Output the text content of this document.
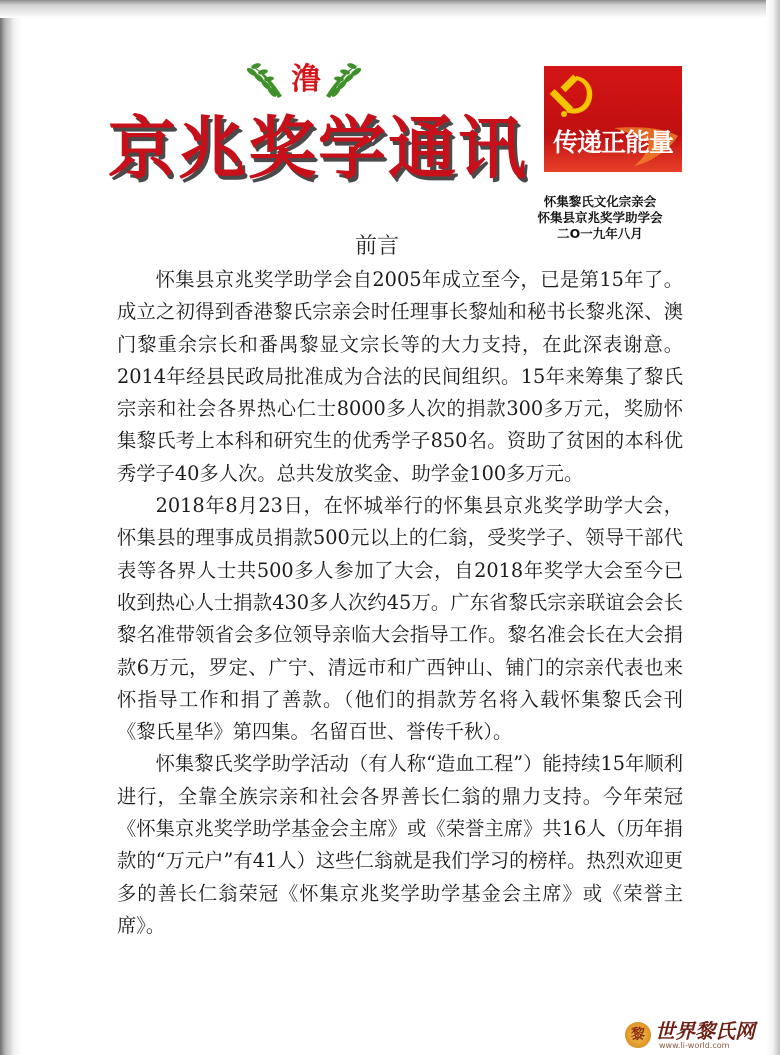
澛
京兆奖学通讯 传递正能量
怀集黎氏文化宗亲会
怀集县京兆奖学助学会
二O一九年八月
前言

怀集县京兆奖学助学会自2005年成立至今，已是第15年了。成立之初得到香港黎氏宗亲会时任理事长黎灿和秘书长黎兆深、澳门黎重余宗长和番禺黎显文宗长等的大力支持，在此深表谢意。2014年经县民政局批准成为合法的民间组织。15年来筹集了黎氏宗亲和社会各界热心仁士8000多人次的捐款300多万元，奖励怀集黎氏考上本科和研究生的优秀学子850名。资助了贫困的本科优秀学子40多人次。总共发放奖金、助学金100多万元。

2018年8月23日，在怀城举行的怀集县京兆奖学助学大会，怀集县的理事成员捐款500元以上的仁翁，受奖学子、领导干部代表等各界人士共500多人参加了大会，自2018年奖学大会至今已收到热心人士捐款430多人次约45万。广东省黎氏宗亲联谊会会长黎名准带领省会多位领导亲临大会指导工作。黎名准会长在大会捐款6万元，罗定、广宁、清远市和广西钟山、铺门的宗亲代表也来怀指导工作和捐了善款。（他们的捐款芳名将入载怀集黎氏会刊《黎氏星华》第四集。名留百世、誉传千秋）。

怀集黎氏奖学助学活动（有人称“造血工程”）能持续15年顺利进行，全靠全族宗亲和社会各界善长仁翁的鼎力支持。今年荣冠《怀集京兆奖学助学基金会主席》或《荣誉主席》共16人（历年捐款的“万元户”有41人）这些仁翁就是我们学习的榜样。热烈欢迎更多的善长仁翁荣冠《怀集京兆奖学助学基金会主席》或《荣誉主席》。

黎 世界黎氏网
www.li-world.com
